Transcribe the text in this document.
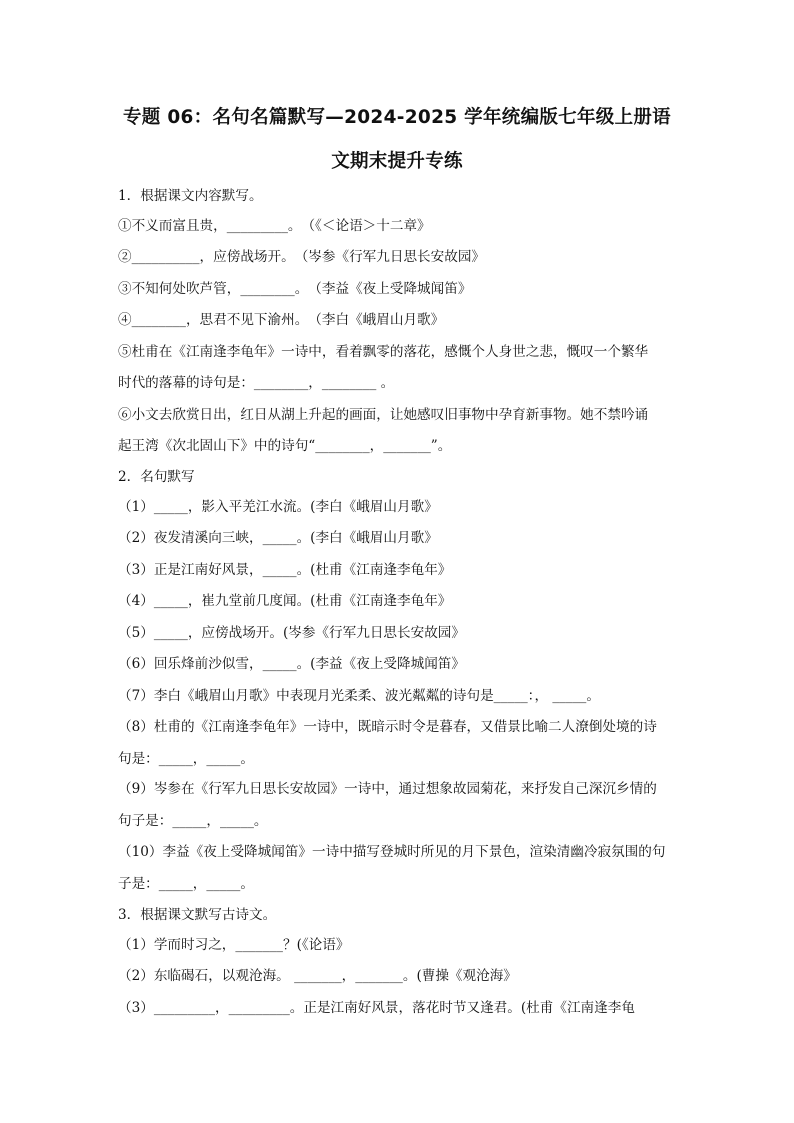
专题 06：名句名篇默写—2024-2025 学年统编版七年级上册语
文期末提升专练
1．根据课文内容默写。
①不义而富且贵，_________。　（《＜论语＞十二章》
②__________，应傍战场开。　（岑参《行军九日思长安故园》
③不知何处吹芦管，________。　（李益《夜上受降城闻笛》
④________，思君不见下渝州。　（李白《峨眉山月歌》
⑤杜甫在《江南逢李龟年》一诗中，看着飘零的落花，感慨个人身世之悲，慨叹一个繁华
时代的落幕的诗句是：________，________ 。
⑥小文去欣赏日出，红日从湖上升起的画面，让她感叹旧事物中孕育新事物。她不禁吟诵
起王湾《次北固山下》中的诗句“________，_______”。
2．名句默写
（1）_____，影入平羌江水流。(李白《峨眉山月歌》
（2）夜发清溪向三峡，_____。(李白《峨眉山月歌》
（3）正是江南好风景，_____。(杜甫《江南逢李龟年》
（4）_____，崔九堂前几度闻。(杜甫《江南逢李龟年》
（5）_____，应傍战场开。(岑参《行军九日思长安故园》
（6）回乐烽前沙似雪，_____。(李益《夜上受降城闻笛》
（7）李白《峨眉山月歌》中表现月光柔柔、波光粼粼的诗句是_____：， _____。
（8）杜甫的《江南逢李龟年》一诗中，既暗示时令是暮春，又借景比喻二人潦倒处境的诗
句是：_____，_____。
（9）岑参在《行军九日思长安故园》一诗中，通过想象故园菊花，来抒发自己深沉乡情的
句子是：_____，_____。
（10）李益《夜上受降城闻笛》一诗中描写登城时所见的月下景色，渲染清幽冷寂氛围的句
子是：_____，_____。
3．根据课文默写古诗文。
（1）学而时习之，_______？(《论语》
（2）东临碣石，以观沧海。 _______，_______。(曹操《观沧海》
（3）_________，_________。正是江南好风景，落花时节又逢君。(杜甫《江南逢李龟
